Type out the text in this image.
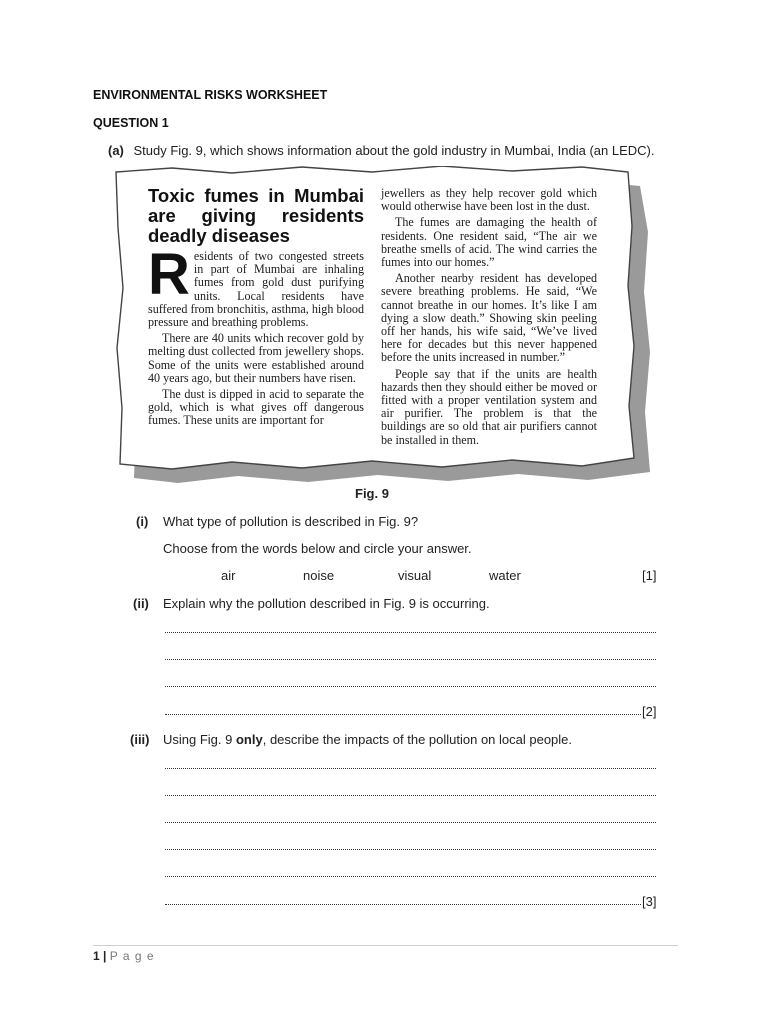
ENVIRONMENTAL RISKS WORKSHEET
QUESTION 1
(a) Study Fig. 9, which shows information about the gold industry in Mumbai, India (an LEDC).
Toxic fumes in Mumbai are giving residents deadly diseases
R esidents of two congested streets in part of Mumbai are inhaling fumes from gold dust purifying units. Local residents have suffered from bronchitis, asthma, high blood pressure and breathing problems.

There are 40 units which recover gold by melting dust collected from jewellery shops. Some of the units were established around 40 years ago, but their numbers have risen.

The dust is dipped in acid to separate the gold, which is what gives off dangerous fumes. These units are important for

jewellers as they help recover gold which would otherwise have been lost in the dust.

The fumes are damaging the health of residents. One resident said, “The air we breathe smells of acid. The wind carries the fumes into our homes.”

Another nearby resident has developed severe breathing problems. He said, “We cannot breathe in our homes. It’s like I am dying a slow death.” Showing skin peeling off her hands, his wife said, “We’ve lived here for decades but this never happened before the units increased in number.”

People say that if the units are health hazards then they should either be moved or fitted with a proper ventilation system and air purifier. The problem is that the buildings are so old that air purifiers cannot be installed in them.

Fig. 9
(i) What type of pollution is described in Fig. 9?
Choose from the words below and circle your answer.
air	noise	visual	water	[1]
(ii) Explain why the pollution described in Fig. 9 is occurring.
[2]
(iii) Using Fig. 9 only, describe the impacts of the pollution on local people.
[3]
1 | P a g e
